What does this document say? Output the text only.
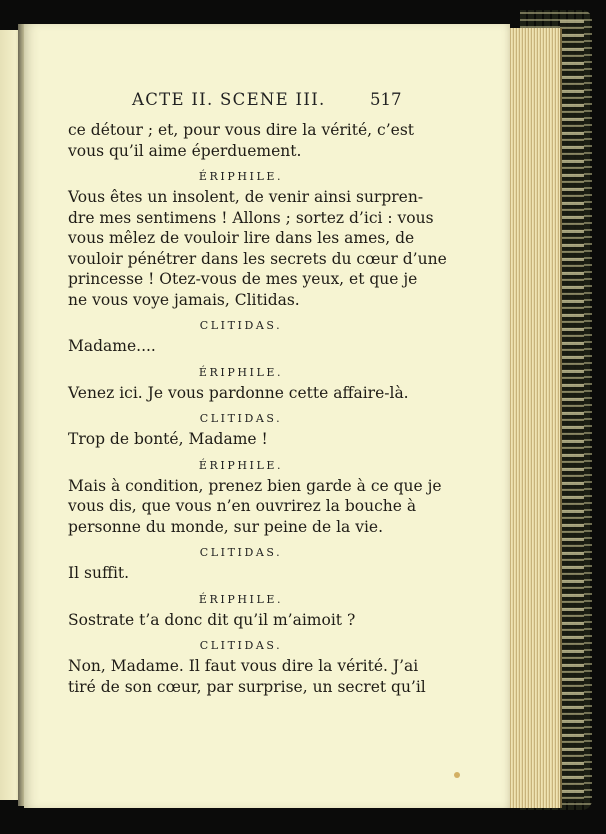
ACTE II. SCENE III.	517
ce détour ; et, pour vous dire la vérité, c’est
vous qu’il aime éperduement.
ÉRIPHILE.
Vous êtes un insolent, de venir ainsi surpren-
dre mes sentimens ! Allons ; sortez d’ici : vous
vous mêlez de vouloir lire dans les ames, de
vouloir pénétrer dans les secrets du cœur d’une
princesse ! Otez-vous de mes yeux, et que je
ne vous voye jamais, Clitidas.
CLITIDAS.
Madame....
ÉRIPHILE.
Venez ici. Je vous pardonne cette affaire-là.
CLITIDAS.
Trop de bonté, Madame !
ÉRIPHILE.
Mais à condition, prenez bien garde à ce que je
vous dis, que vous n’en ouvrirez la bouche à
personne du monde, sur peine de la vie.
CLITIDAS.
Il suffit.
ÉRIPHILE.
Sostrate t’a donc dit qu’il m’aimoit ?
CLITIDAS.
Non, Madame. Il faut vous dire la vérité. J’ai
tiré de son cœur, par surprise, un secret qu’il
